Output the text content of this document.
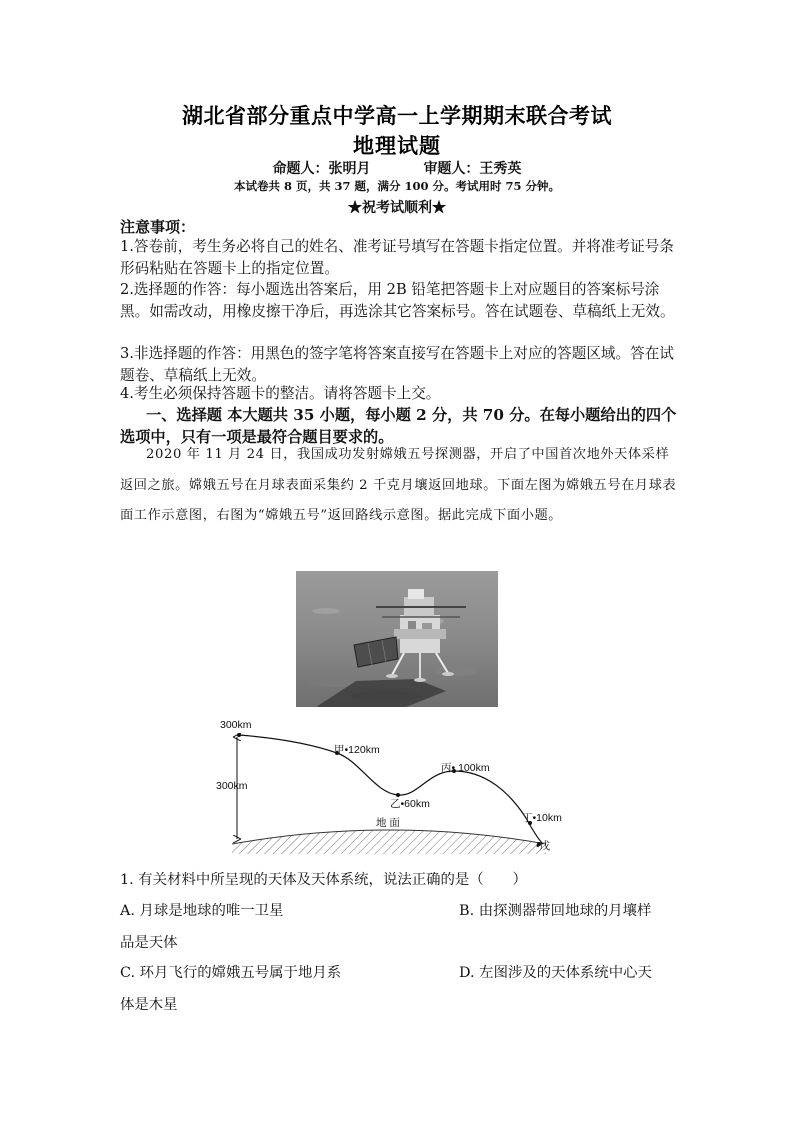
湖北省部分重点中学高一上学期期末联合考试
地理试题
命题人：张明月	审题人：王秀英
本试卷共 8 页，共 37 题，满分 100 分。考试用时 75 分钟。
★祝考试顺利★
注意事项：
1.答卷前，考生务必将自己的姓名、准考证号填写在答题卡指定位置。并将准考证号条形码粘贴在答题卡上的指定位置。
2.选择题的作答：每小题选出答案后，用 2B 铅笔把答题卡上对应题目的答案标号涂黑。如需改动，用橡皮擦干净后，再选涂其它答案标号。答在试题卷、草稿纸上无效。
3.非选择题的作答：用黑色的签字笔将答案直接写在答题卡上对应的答题区域。答在试题卷、草稿纸上无效。
4.考生必须保持答题卡的整洁。请将答题卡上交。
一、选择题 本大题共 35 小题，每小题 2 分，共 70 分。在每小题给出的四个选项中，只有一项是最符合题目要求的。
2020 年 11 月 24 日，我国成功发射嫦娥五号探测器，开启了中国首次地外天体采样返回之旅。嫦娥五号在月球表面采集约 2 千克月壤返回地球。下面左图为嫦娥五号在月球表面工作示意图，右图为“嫦娥五号”返回路线示意图。据此完成下面小题。
300km
300km
甲•120km
乙•60km
丙• 100km
丁•10km
•戊
地 面
1. 有关材料中所呈现的天体及天体系统，说法正确的是（　　）
A. 月球是地球的唯一卫星	B. 由探测器带回地球的月壤样
品是天体
C. 环月飞行的嫦娥五号属于地月系	D. 左图涉及的天体系统中心天
体是木星
